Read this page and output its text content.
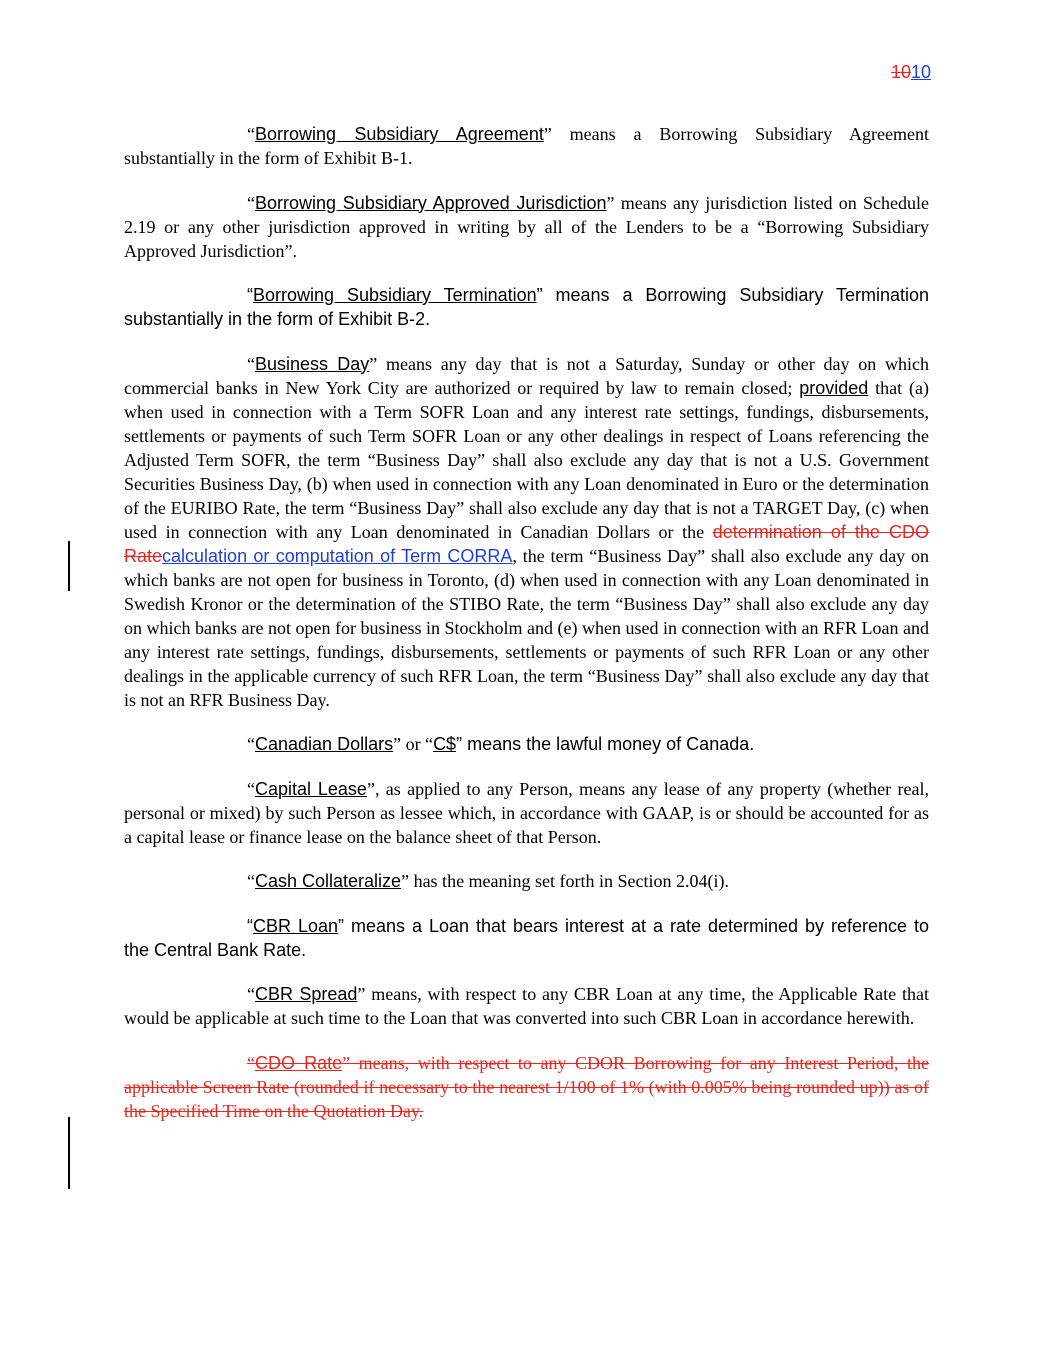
1010

“Borrowing Subsidiary Agreement” means a Borrowing Subsidiary Agreement substantially in the form of Exhibit B-1.

“Borrowing Subsidiary Approved Jurisdiction” means any jurisdiction listed on Schedule 2.19 or any other jurisdiction approved in writing by all of the Lenders to be a “Borrowing Subsidiary Approved Jurisdiction”.

“Borrowing Subsidiary Termination” means a Borrowing Subsidiary Termination substantially in the form of Exhibit B-2.

“Business Day” means any day that is not a Saturday, Sunday or other day on which commercial banks in New York City are authorized or required by law to remain closed; provided that (a) when used in connection with a Term SOFR Loan and any interest rate settings, fundings, disbursements, settlements or payments of such Term SOFR Loan or any other dealings in respect of Loans referencing the Adjusted Term SOFR, the term “Business Day” shall also exclude any day that is not a U.S. Government Securities Business Day, (b) when used in connection with any Loan denominated in Euro or the determination of the EURIBO Rate, the term “Business Day” shall also exclude any day that is not a TARGET Day, (c) when used in connection with any Loan denominated in Canadian Dollars or the determination of the CDO Ratecalculation or computation of Term CORRA, the term “Business Day” shall also exclude any day on which banks are not open for business in Toronto, (d) when used in connection with any Loan denominated in Swedish Kronor or the determination of the STIBO Rate, the term “Business Day” shall also exclude any day on which banks are not open for business in Stockholm and (e) when used in connection with an RFR Loan and any interest rate settings, fundings, disbursements, settlements or payments of such RFR Loan or any other dealings in the applicable currency of such RFR Loan, the term “Business Day” shall also exclude any day that is not an RFR Business Day.

“Canadian Dollars” or “C$” means the lawful money of Canada.

“Capital Lease”, as applied to any Person, means any lease of any property (whether real, personal or mixed) by such Person as lessee which, in accordance with GAAP, is or should be accounted for as a capital lease or finance lease on the balance sheet of that Person.

“Cash Collateralize” has the meaning set forth in Section 2.04(i).

“CBR Loan” means a Loan that bears interest at a rate determined by reference to the Central Bank Rate.

“CBR Spread” means, with respect to any CBR Loan at any time, the Applicable Rate that would be applicable at such time to the Loan that was converted into such CBR Loan in accordance herewith.

“CDO Rate” means, with respect to any CDOR Borrowing for any Interest Period, the applicable Screen Rate (rounded if necessary to the nearest 1/100 of 1% (with 0.005% being rounded up)) as of the Specified Time on the Quotation Day.
